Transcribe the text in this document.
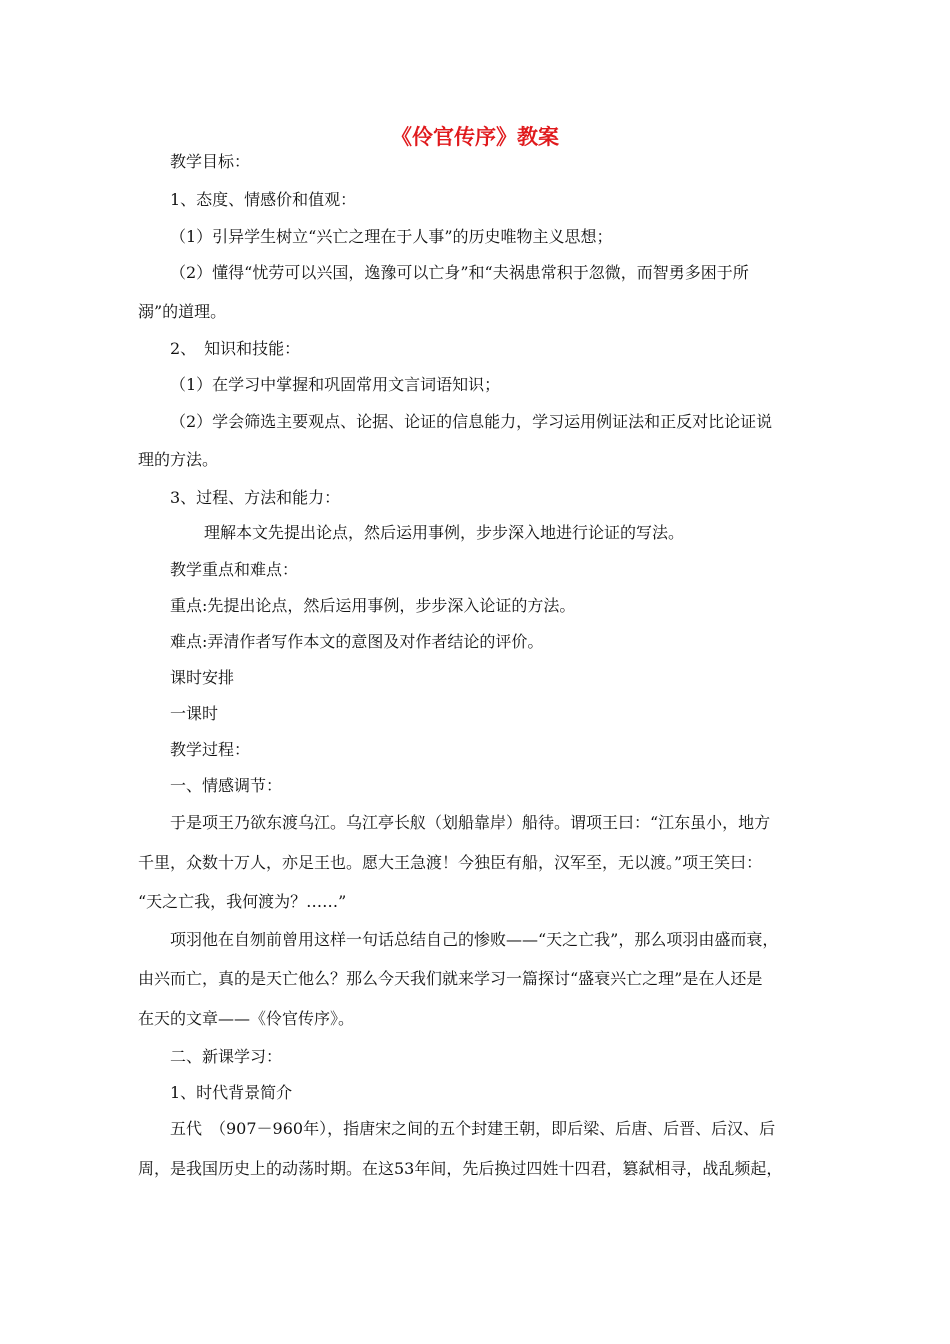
《伶官传序》教案
教学目标：
1、态度、情感价和值观：
（1）引异学生树立“兴亡之理在于人事”的历史唯物主义思想；
（2）懂得“忧劳可以兴国，逸豫可以亡身”和“夫祸患常积于忽微，而智勇多困于所
溺”的道理。
2、　知识和技能：
（1）在学习中掌握和巩固常用文言词语知识；
（2）学会筛选主要观点、论据、论证的信息能力，学习运用例证法和正反对比论证说
理的方法。
3、过程、方法和能力：
理解本文先提出论点，然后运用事例，步步深入地进行论证的写法。
教学重点和难点：
重点:先提出论点，然后运用事例，步步深入论证的方法。
难点:弄清作者写作本文的意图及对作者结论的评价。
课时安排
一课时
教学过程：
一、情感调节：
于是项王乃欲东渡乌江。乌江亭长舣（划船靠岸）船待。谓项王曰：“江东虽小，地方
千里，众数十万人，亦足王也。愿大王急渡！今独臣有船，汉军至，无以渡。”项王笑曰：
“天之亡我，我何渡为？……”
项羽他在自刎前曾用这样一句话总结自己的惨败——“天之亡我”，那么项羽由盛而衰，
由兴而亡，真的是天亡他么？那么今天我们就来学习一篇探讨“盛衰兴亡之理”是在人还是
在天的文章——《伶官传序》。
二、新课学习：
1、时代背景简介
五代　（907－960年），指唐宋之间的五个封建王朝，即后梁、后唐、后晋、后汉、后
周，是我国历史上的动荡时期。在这53年间，先后换过四姓十四君，篡弑相寻，战乱频起，
